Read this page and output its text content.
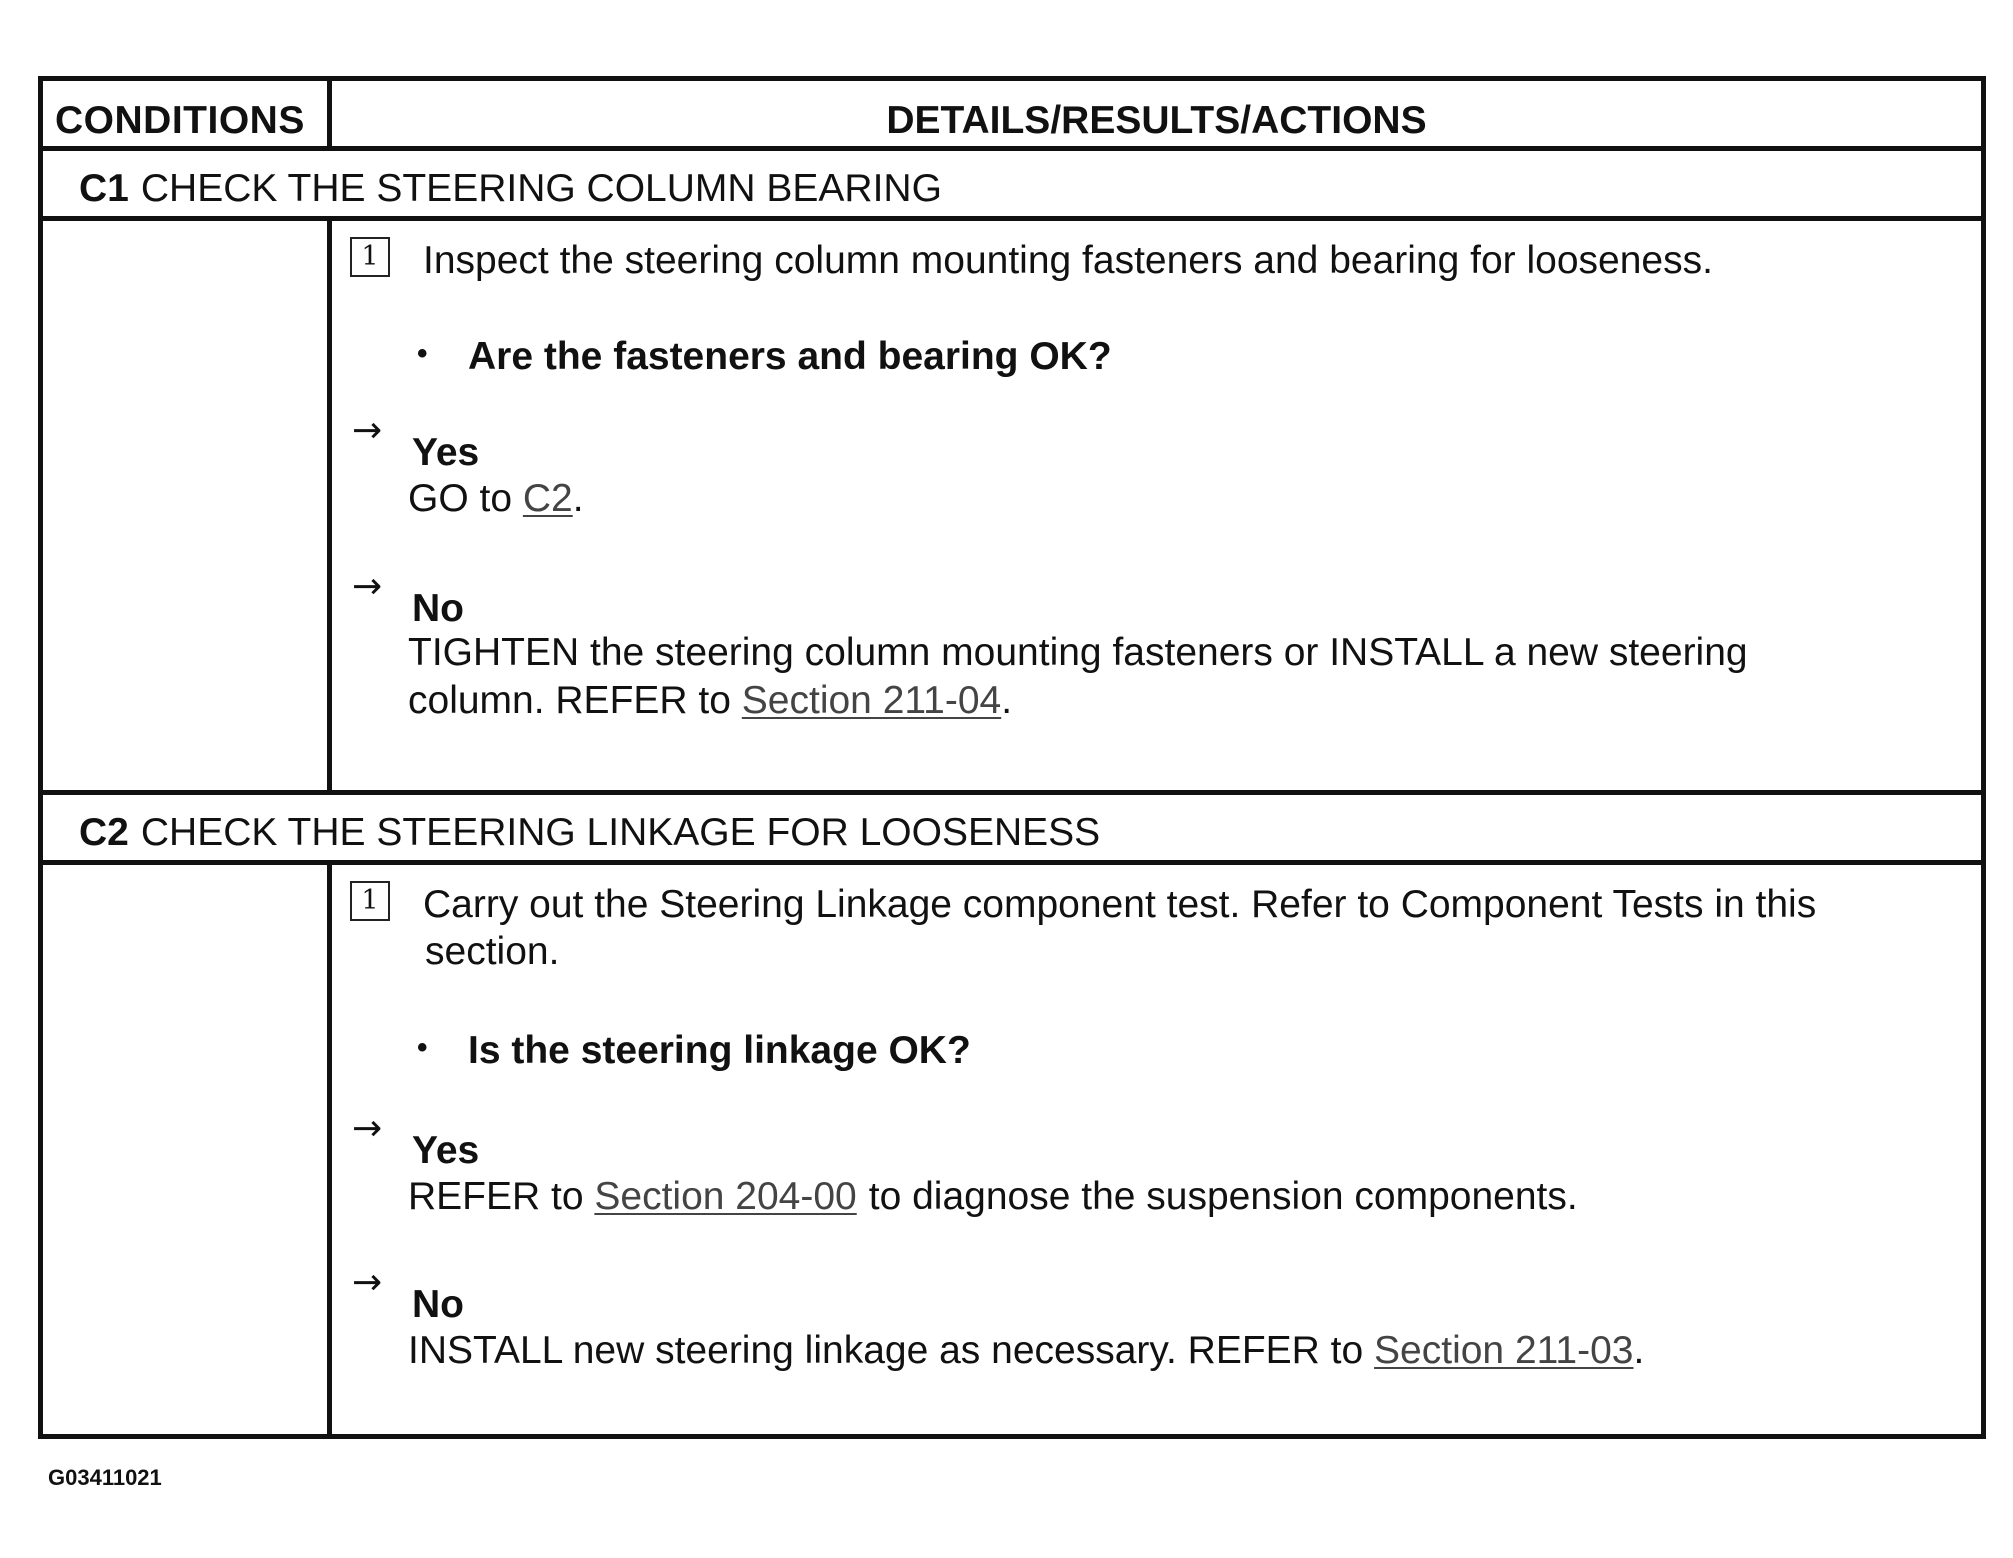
CONDITIONS	DETAILS/RESULTS/ACTIONS
C1 CHECK THE STEERING COLUMN BEARING
1 Inspect the steering column mounting fasteners and bearing for looseness.
• Are the fasteners and bearing OK?
→
Yes
GO to C2.
→
No
TIGHTEN the steering column mounting fasteners or INSTALL a new steering
column. REFER to Section 211-04.
C2 CHECK THE STEERING LINKAGE FOR LOOSENESS
1 Carry out the Steering Linkage component test. Refer to Component Tests in this
section.
• Is the steering linkage OK?
→
Yes
REFER to Section 204-00 to diagnose the suspension components.
→
No
INSTALL new steering linkage as necessary. REFER to Section 211-03.
G03411021
